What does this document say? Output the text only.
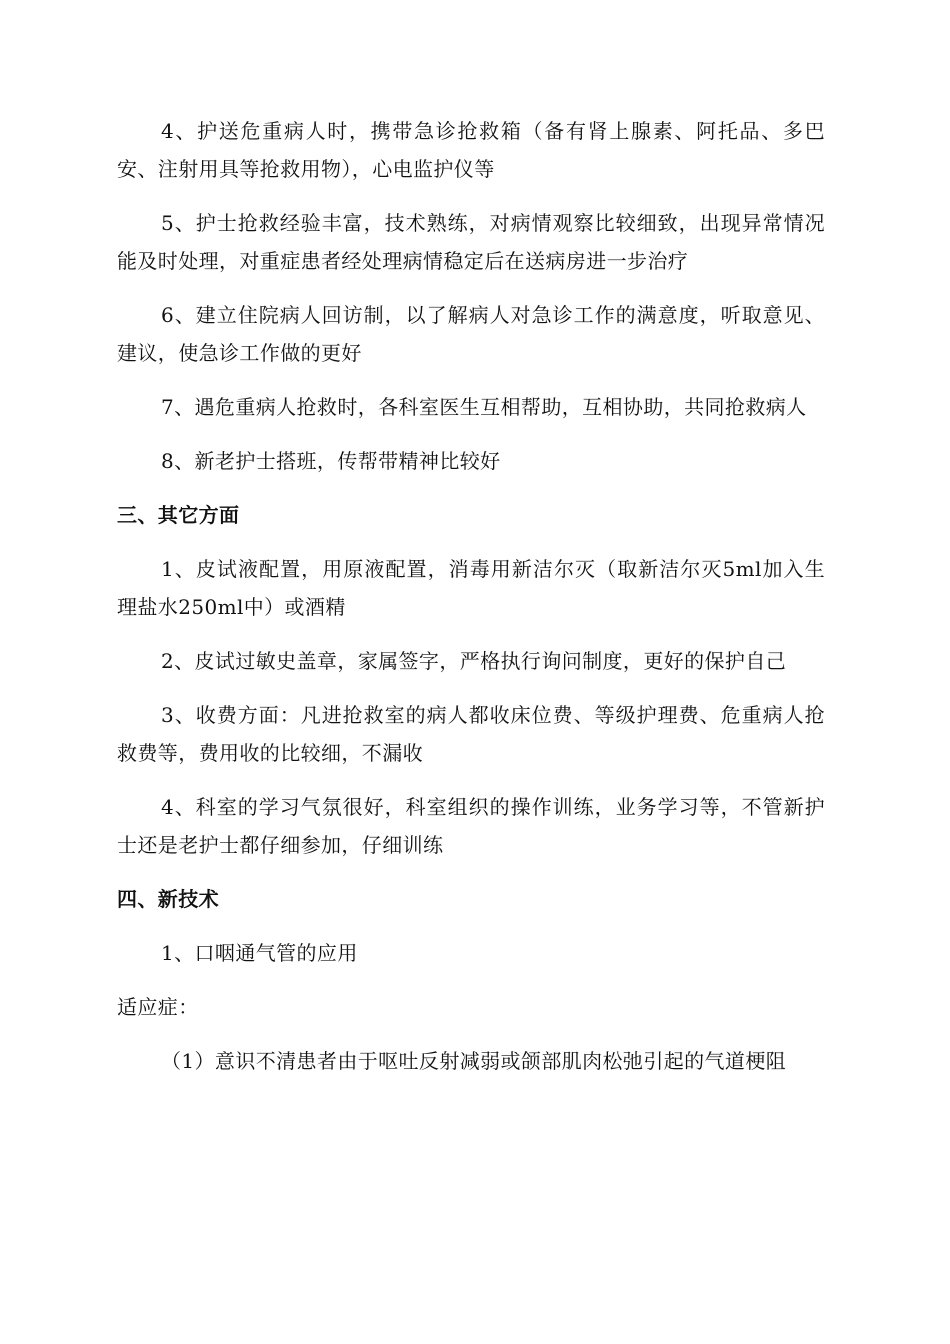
4、护送危重病人时，携带急诊抢救箱（备有肾上腺素、阿托品、多巴安、注射用具等抢救用物），心电监护仪等

5、护士抢救经验丰富，技术熟练，对病情观察比较细致，出现异常情况能及时处理，对重症患者经处理病情稳定后在送病房进一步治疗

6、建立住院病人回访制，以了解病人对急诊工作的满意度，听取意见、建议，使急诊工作做的更好

7、遇危重病人抢救时，各科室医生互相帮助，互相协助，共同抢救病人

8、新老护士搭班，传帮带精神比较好

三、其它方面

1、皮试液配置，用原液配置，消毒用新洁尔灭（取新洁尔灭5ml加入生理盐水250ml中）或酒精

2、皮试过敏史盖章，家属签字，严格执行询问制度，更好的保护自己

3、收费方面：凡进抢救室的病人都收床位费、等级护理费、危重病人抢救费等，费用收的比较细，不漏收

4、科室的学习气氛很好，科室组织的操作训练，业务学习等，不管新护士还是老护士都仔细参加，仔细训练

四、新技术

1、口咽通气管的应用

适应症：

（1）意识不清患者由于呕吐反射减弱或颌部肌肉松弛引起的气道梗阻
